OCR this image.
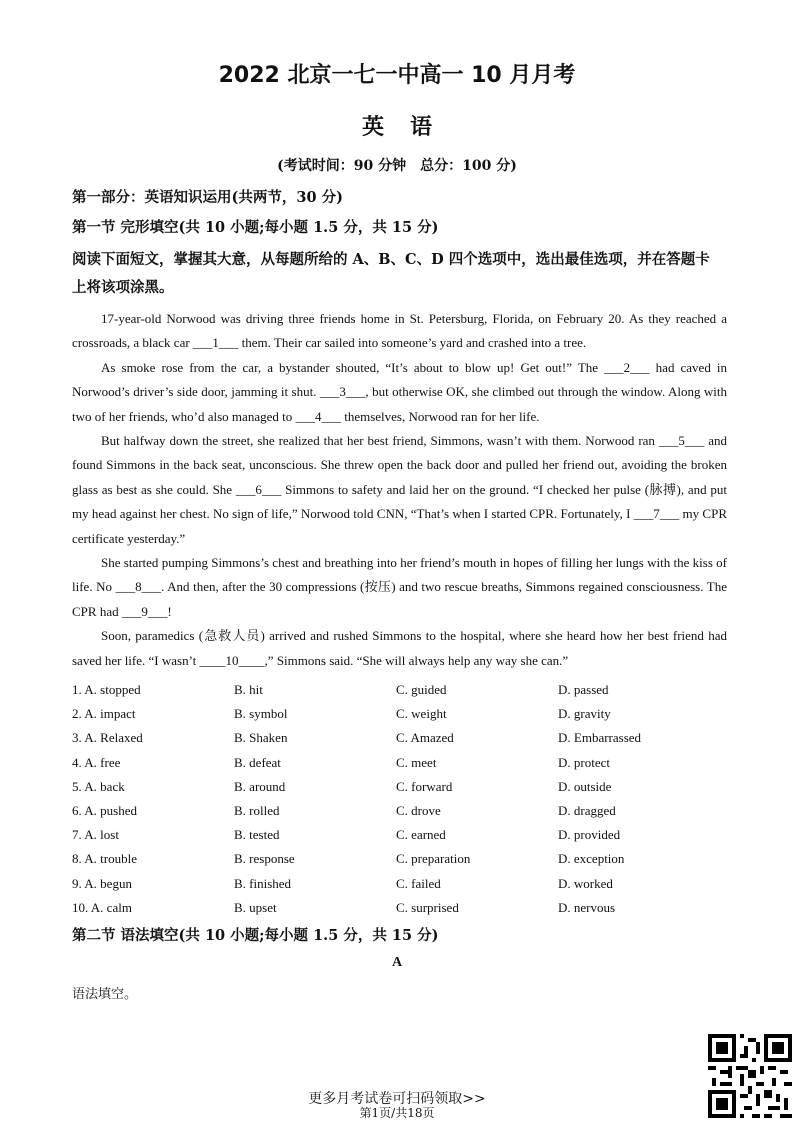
2022 北京一七一中高一 10 月月考
英语
(考试时间：90 分钟　总分：100 分)
第一部分：英语知识运用(共两节，30 分)
第一节 完形填空(共 10 小题;每小题 1.5 分，共 15 分)
阅读下面短文，掌握其大意，从每题所给的 A、B、C、D 四个选项中，选出最佳选项，并在答题卡上将该项涂黑。

17-year-old Norwood was driving three friends home in St. Petersburg, Florida, on February 20. As they reached a crossroads, a black car ___1___ them. Their car sailed into someone’s yard and crashed into a tree.

As smoke rose from the car, a bystander shouted, “It’s about to blow up! Get out!” The ___2___ had caved in Norwood’s driver’s side door, jamming it shut. ___3___, but otherwise OK, she climbed out through the window. Along with two of her friends, who’d also managed to ___4___ themselves, Norwood ran for her life.

But halfway down the street, she realized that her best friend, Simmons, wasn’t with them. Norwood ran ___5___ and found Simmons in the back seat, unconscious. She threw open the back door and pulled her friend out, avoiding the broken glass as best as she could. She ___6___ Simmons to safety and laid her on the ground. “I checked her pulse (脉搏), and put my head against her chest. No sign of life,” Norwood told CNN, “That’s when I started CPR. Fortunately, I ___7___ my CPR certificate yesterday.”

She started pumping Simmons’s chest and breathing into her friend’s mouth in hopes of filling her lungs with the kiss of life. No ___8___. And then, after the 30 compressions (按压) and two rescue breaths, Simmons regained consciousness. The CPR had ___9___!

Soon, paramedics (急救人员) arrived and rushed Simmons to the hospital, where she heard how her best friend had saved her life. “I wasn’t ____10____,” Simmons said. “She will always help any way she can.”

1. A. stopped	B. hit	C. guided	D. passed
2. A. impact	B. symbol	C. weight	D. gravity
3. A. Relaxed	B. Shaken	C. Amazed	D. Embarrassed
4. A. free	B. defeat	C. meet	D. protect
5. A. back	B. around	C. forward	D. outside
6. A. pushed	B. rolled	C. drove	D. dragged
7. A. lost	B. tested	C. earned	D. provided
8. A. trouble	B. response	C. preparation	D. exception
9. A. begun	B. finished	C. failed	D. worked
10. A. calm	B. upset	C. surprised	D. nervous
第二节 语法填空(共 10 小题;每小题 1.5 分，共 15 分)
A
语法填空。
更多月考试卷可扫码领取>>
第1页/共18页
